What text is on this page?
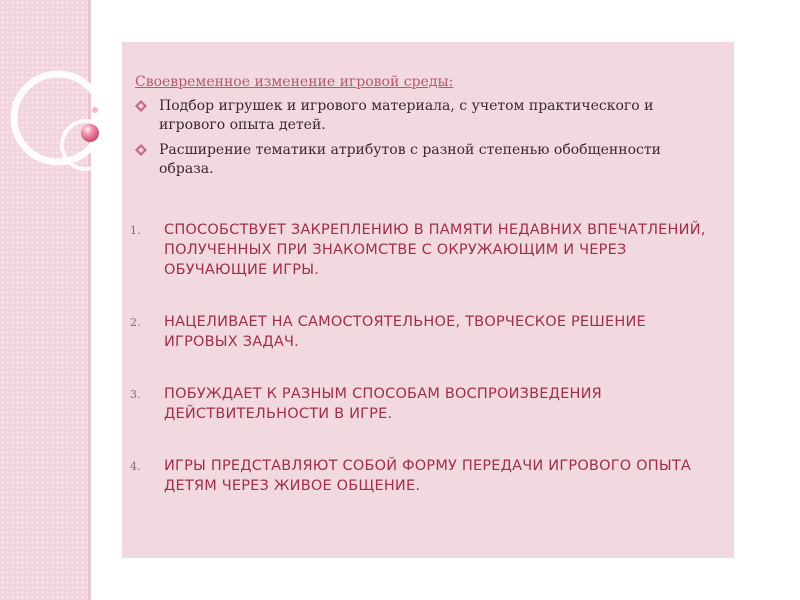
Своевременное изменение игровой среды:
Подбор игрушек и игрового материала, с учетом практического и игрового опыта детей.
Расширение тематики атрибутов с разной степенью обобщенности образа.
1. СПОСОБСТВУЕТ ЗАКРЕПЛЕНИЮ В ПАМЯТИ НЕДАВНИХ ВПЕЧАТЛЕНИЙ, ПОЛУЧЕННЫХ ПРИ ЗНАКОМСТВЕ С ОКРУЖАЮЩИМ И ЧЕРЕЗ ОБУЧАЮЩИЕ ИГРЫ.
2. НАЦЕЛИВАЕТ НА САМОСТОЯТЕЛЬНОЕ, ТВОРЧЕСКОЕ РЕШЕНИЕ ИГРОВЫХ ЗАДАЧ.
3. ПОБУЖДАЕТ К РАЗНЫМ СПОСОБАМ ВОСПРОИЗВЕДЕНИЯ ДЕЙСТВИТЕЛЬНОСТИ В ИГРЕ.
4. ИГРЫ ПРЕДСТАВЛЯЮТ СОБОЙ ФОРМУ ПЕРЕДАЧИ ИГРОВОГО ОПЫТА ДЕТЯМ ЧЕРЕЗ ЖИВОЕ ОБЩЕНИЕ.
